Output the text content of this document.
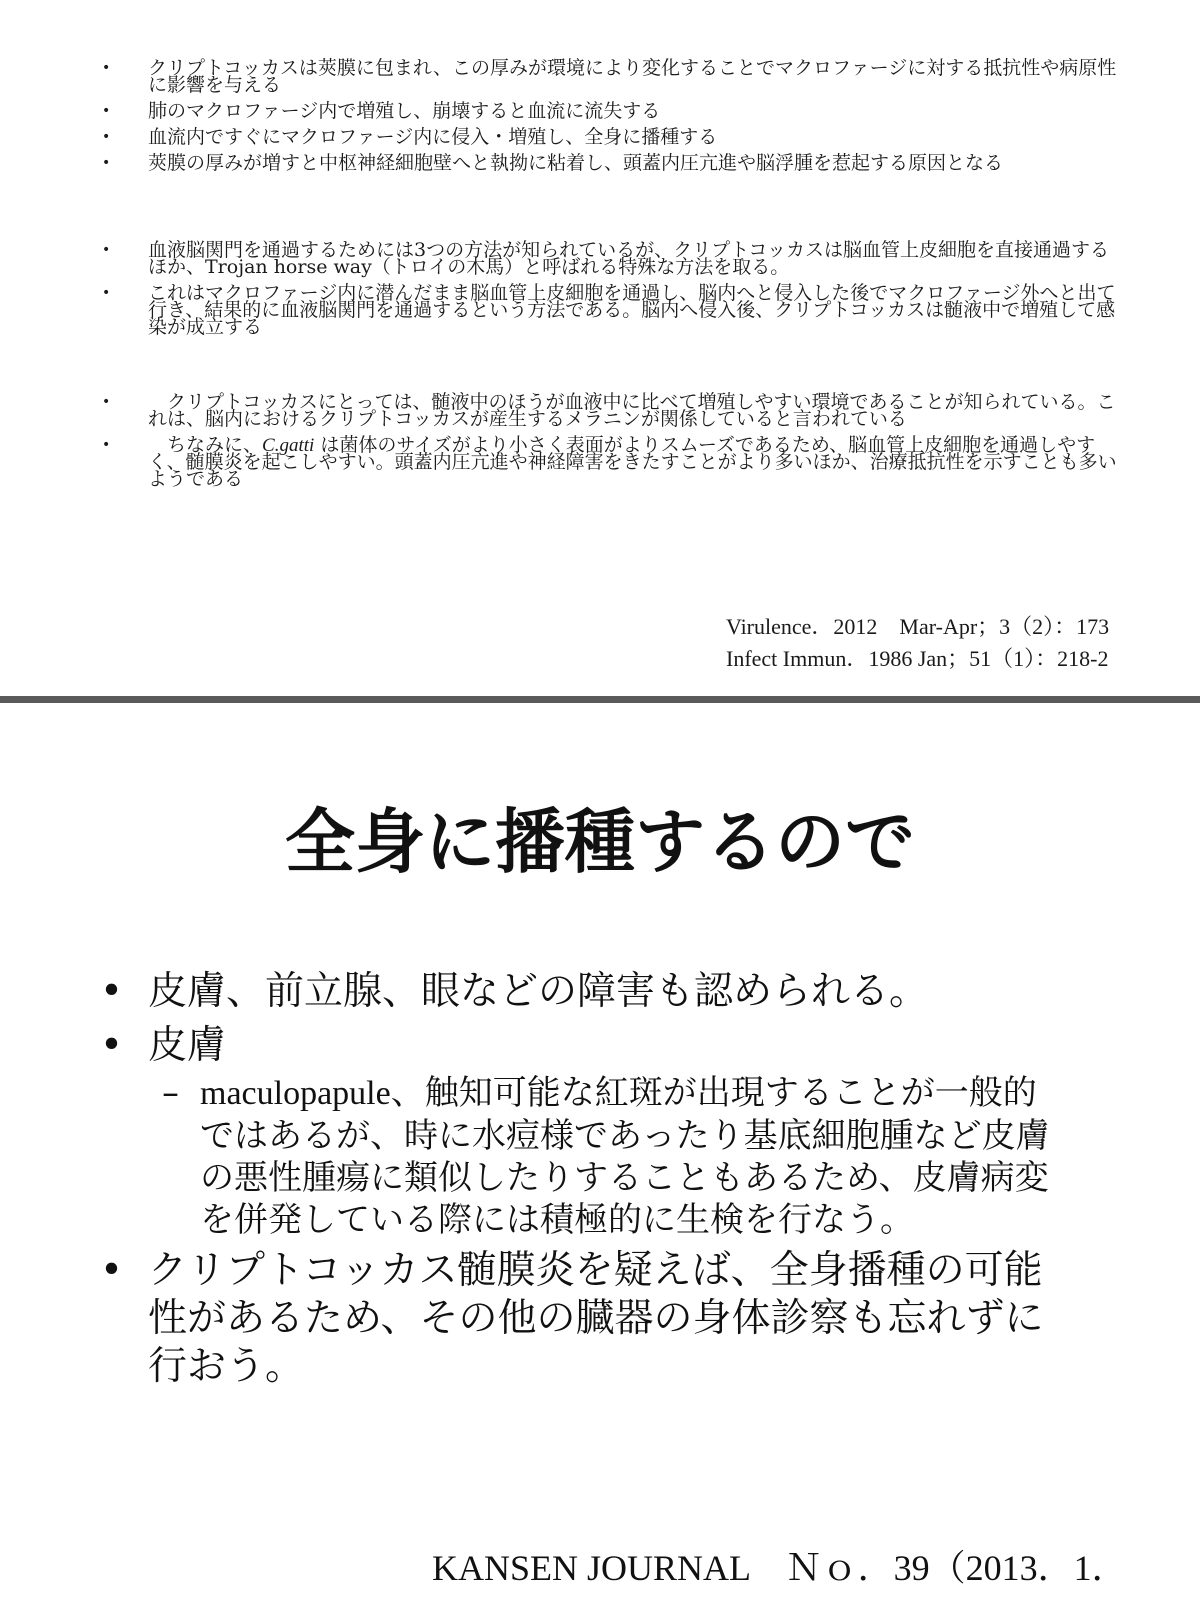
• クリプトコッカスは莢膜に包まれ、この厚みが環境により変化することでマクロファージに対する抵抗性や病原性に影響を与える
• 肺のマクロファージ内で増殖し、崩壊すると血流に流失する
• 血流内ですぐにマクロファージ内に侵入・増殖し、全身に播種する
• 莢膜の厚みが増すと中枢神経細胞壁へと執拗に粘着し、頭蓋内圧亢進や脳浮腫を惹起する原因となる
• 血液脳関門を通過するためには3つの方法が知られているが、クリプトコッカスは脳血管上皮細胞を直接通過するほか、Trojan horse way（トロイの木馬）と呼ばれる特殊な方法を取る。
• これはマクロファージ内に潜んだまま脳血管上皮細胞を通過し、脳内へと侵入した後でマクロファージ外へと出て行き、結果的に血液脳関門を通過するという方法である。脳内へ侵入後、クリプトコッカスは髄液中で増殖して感染が成立する
• 　クリプトコッカスにとっては、髄液中のほうが血液中に比べて増殖しやすい環境であることが知られている。これは、脳内におけるクリプトコッカスが産生するメラニンが関係していると言われている
• 　ちなみに、C.gatti は菌体のサイズがより小さく表面がよりスムーズであるため、脳血管上皮細胞を通過しやすく、髄膜炎を起こしやすい。頭蓋内圧亢進や神経障害をきたすことがより多いほか、治療抵抗性を示すことも多いようである
Virulence．2012　Mar-Apr；3（2）：173
Infect Immun．1986 Jan；51（1）：218-2
全身に播種するので
• 皮膚、前立腺、眼などの障害も認められる。
• 皮膚
– maculopapule、触知可能な紅斑が出現することが一般的ではあるが、時に水痘様であったり基底細胞腫など皮膚の悪性腫瘍に類似したりすることもあるため、皮膚病変を併発している際には積極的に生検を行なう。
• クリプトコッカス髄膜炎を疑えば、全身播種の可能性があるため、その他の臓器の身体診察も忘れずに行おう。
KANSEN JOURNAL　Ｎｏ．39（2013．1．
